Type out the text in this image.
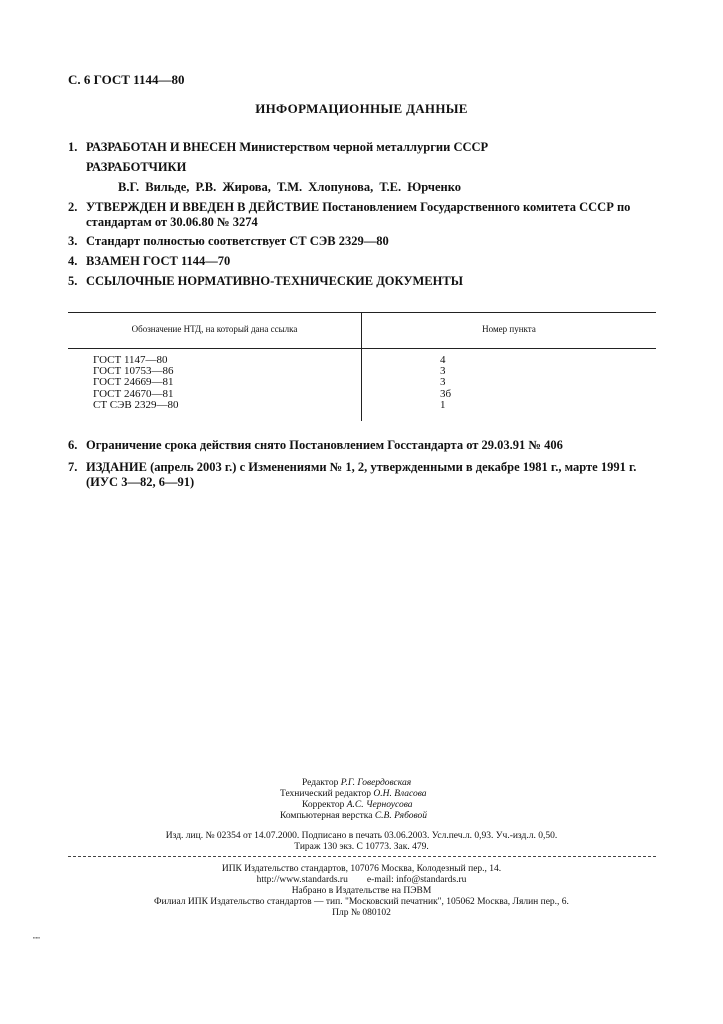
С. 6 ГОСТ 1144—80
ИНФОРМАЦИОННЫЕ ДАННЫЕ
1. РАЗРАБОТАН И ВНЕСЕН Министерством черной металлургии СССР
РАЗРАБОТЧИКИ
В.Г. Вильде, Р.В. Жирова, Т.М. Хлопунова, Т.Е. Юрченко
2. УТВЕРЖДЕН И ВВЕДЕН В ДЕЙСТВИЕ Постановлением Государственного комитета СССР по
стандартам от 30.06.80 № 3274
3. Стандарт полностью соответствует СТ СЭВ 2329—80
4. ВЗАМЕН ГОСТ 1144—70
5. ССЫЛОЧНЫЕ НОРМАТИВНО-ТЕХНИЧЕСКИЕ ДОКУМЕНТЫ
Обозначение НТД, на который дана ссылка	Номер пункта
ГОСТ 1147—80
ГОСТ 10753—86
ГОСТ 24669—81
ГОСТ 24670—81
СТ СЭВ 2329—80
4
3
3
3б
1
6. Ограничение срока действия снято Постановлением Госстандарта от 29.03.91 № 406
7. ИЗДАНИЕ (апрель 2003 г.) с Изменениями № 1, 2, утвержденными в декабре 1981 г., марте 1991 г.
(ИУС 3—82, 6—91)
Редактор Р.Г. Говердовская
Технический редактор О.Н. Власова
Корректор А.С. Черноусова
Компьютерная верстка С.В. Рябовой
Изд. лиц. № 02354 от 14.07.2000. Подписано в печать 03.06.2003. Усл.печ.л. 0,93. Уч.-изд.л. 0,50.
Тираж 130 экз. С 10773. Зак. 479.
ИПК Издательство стандартов, 107076 Москва, Колодезный пер., 14.
http://www.standards.ru e-mail: info@standards.ru
Набрано в Издательстве на ПЭВМ
Филиал ИПК Издательство стандартов — тип. "Московский печатник", 105062 Москва, Лялин пер., 6.
Плр № 080102
▪▪▪▪▪
